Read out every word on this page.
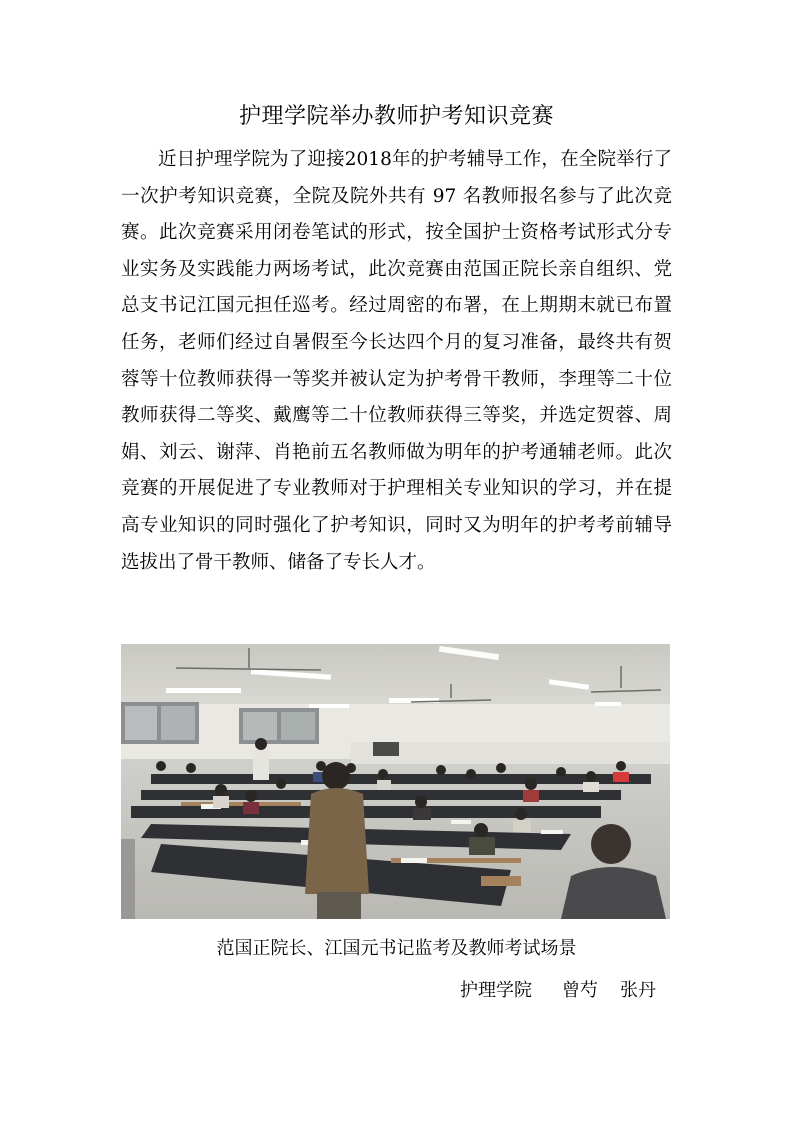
护理学院举办教师护考知识竞赛

近日护理学院为了迎接2018年的护考辅导工作，在全院举行了一次护考知识竞赛，全院及院外共有 97 名教师报名参与了此次竞赛。此次竞赛采用闭卷笔试的形式，按全国护士资格考试形式分专业实务及实践能力两场考试，此次竞赛由范国正院长亲自组织、党总支书记江国元担任巡考。经过周密的布署，在上期期末就已布置任务，老师们经过自暑假至今长达四个月的复习准备，最终共有贺蓉等十位教师获得一等奖并被认定为护考骨干教师，李理等二十位教师获得二等奖、戴鹰等二十位教师获得三等奖，并选定贺蓉、周娟、刘云、谢萍、肖艳前五名教师做为明年的护考通辅老师。此次竞赛的开展促进了专业教师对于护理相关专业知识的学习，并在提高专业知识的同时强化了护考知识，同时又为明年的护考考前辅导选拔出了骨干教师、储备了专长人才。

范国正院长、江国元书记监考及教师考试场景
护理学院 曾芍 张丹
